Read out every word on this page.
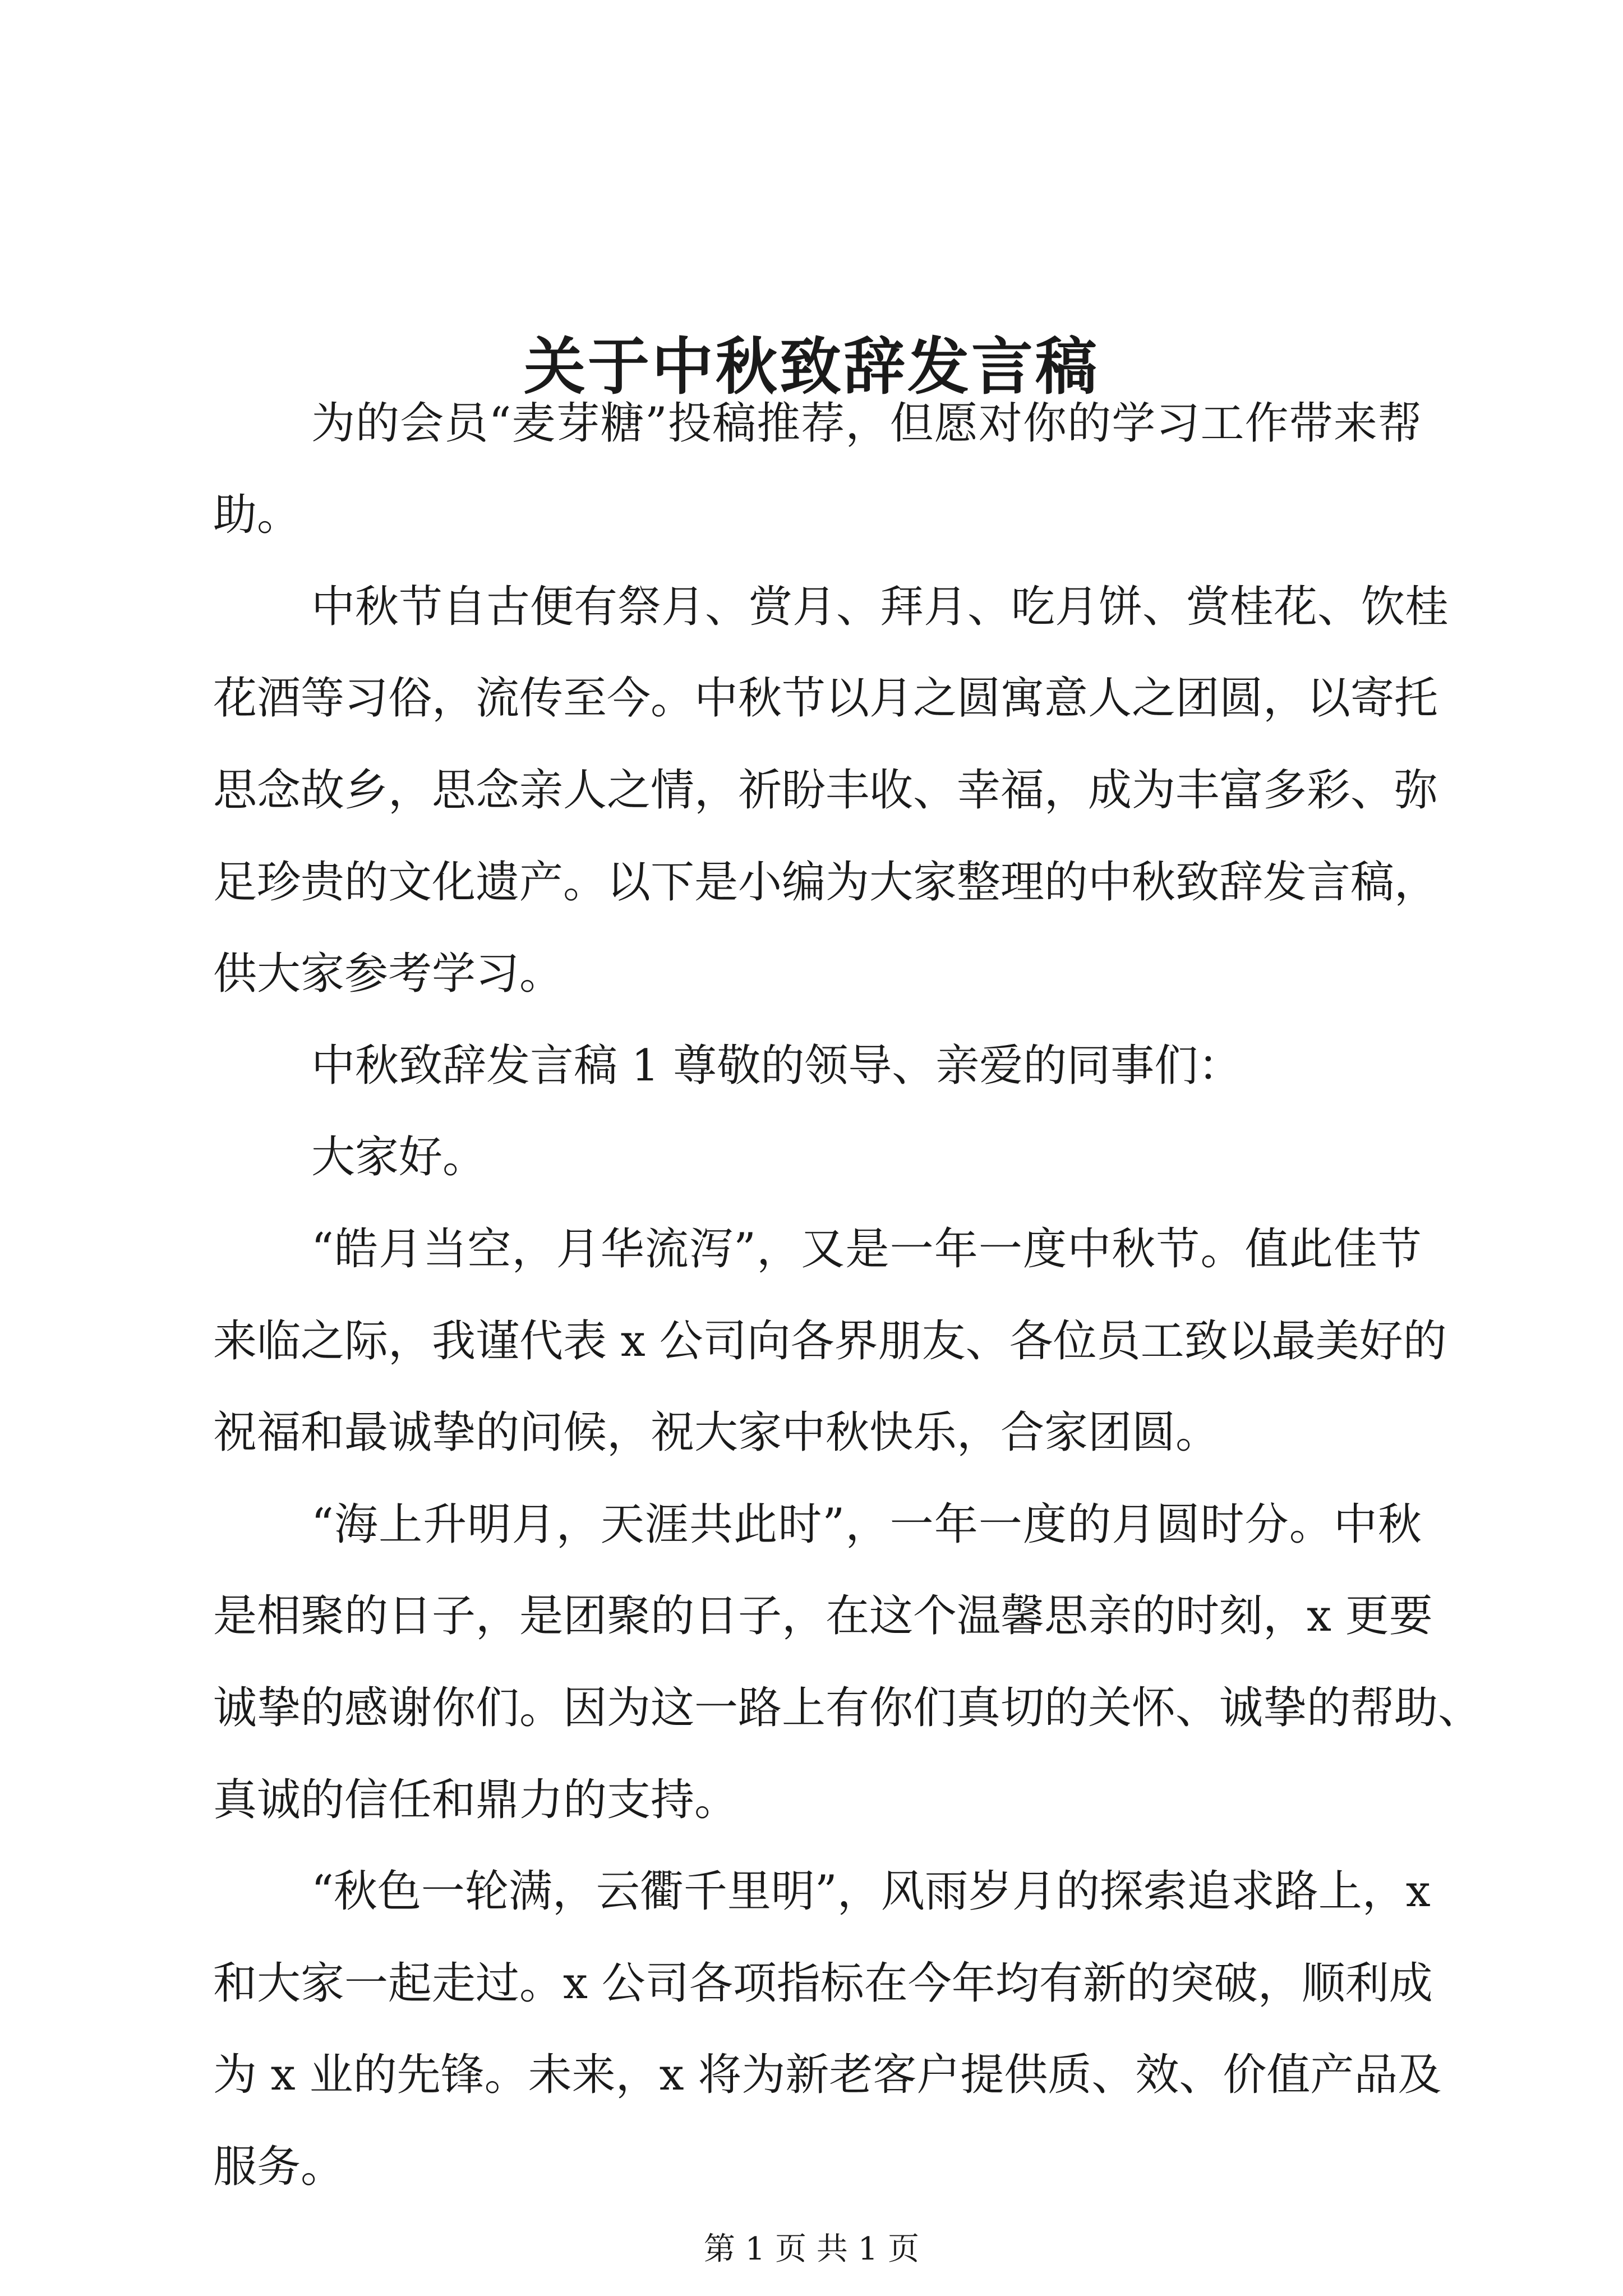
关于中秋致辞发言稿

为的会员“麦芽糖”投稿推荐，但愿对你的学习工作带来帮

助。

中秋节自古便有祭月、赏月、拜月、吃月饼、赏桂花、饮桂

花酒等习俗，流传至今。中秋节以月之圆寓意人之团圆，以寄托

思念故乡，思念亲人之情，祈盼丰收、幸福，成为丰富多彩、弥

足珍贵的文化遗产。以下是小编为大家整理的中秋致辞发言稿，

供大家参考学习。

中秋致辞发言稿 1 尊敬的领导、亲爱的同事们：

大家好。

“皓月当空，月华流泻”，又是一年一度中秋节。值此佳节

来临之际，我谨代表 x 公司向各界朋友、各位员工致以最美好的

祝福和最诚挚的问候，祝大家中秋快乐，合家团圆。

“海上升明月，天涯共此时”，一年一度的月圆时分。中秋

是相聚的日子，是团聚的日子，在这个温馨思亲的时刻，x 更要

诚挚的感谢你们。因为这一路上有你们真切的关怀、诚挚的帮助、

真诚的信任和鼎力的支持。

“秋色一轮满，云衢千里明”，风雨岁月的探索追求路上，x

和大家一起走过。x 公司各项指标在今年均有新的突破，顺利成

为 x 业的先锋。未来，x 将为新老客户提供质、效、价值产品及

服务。

第 1 页 共 1 页
